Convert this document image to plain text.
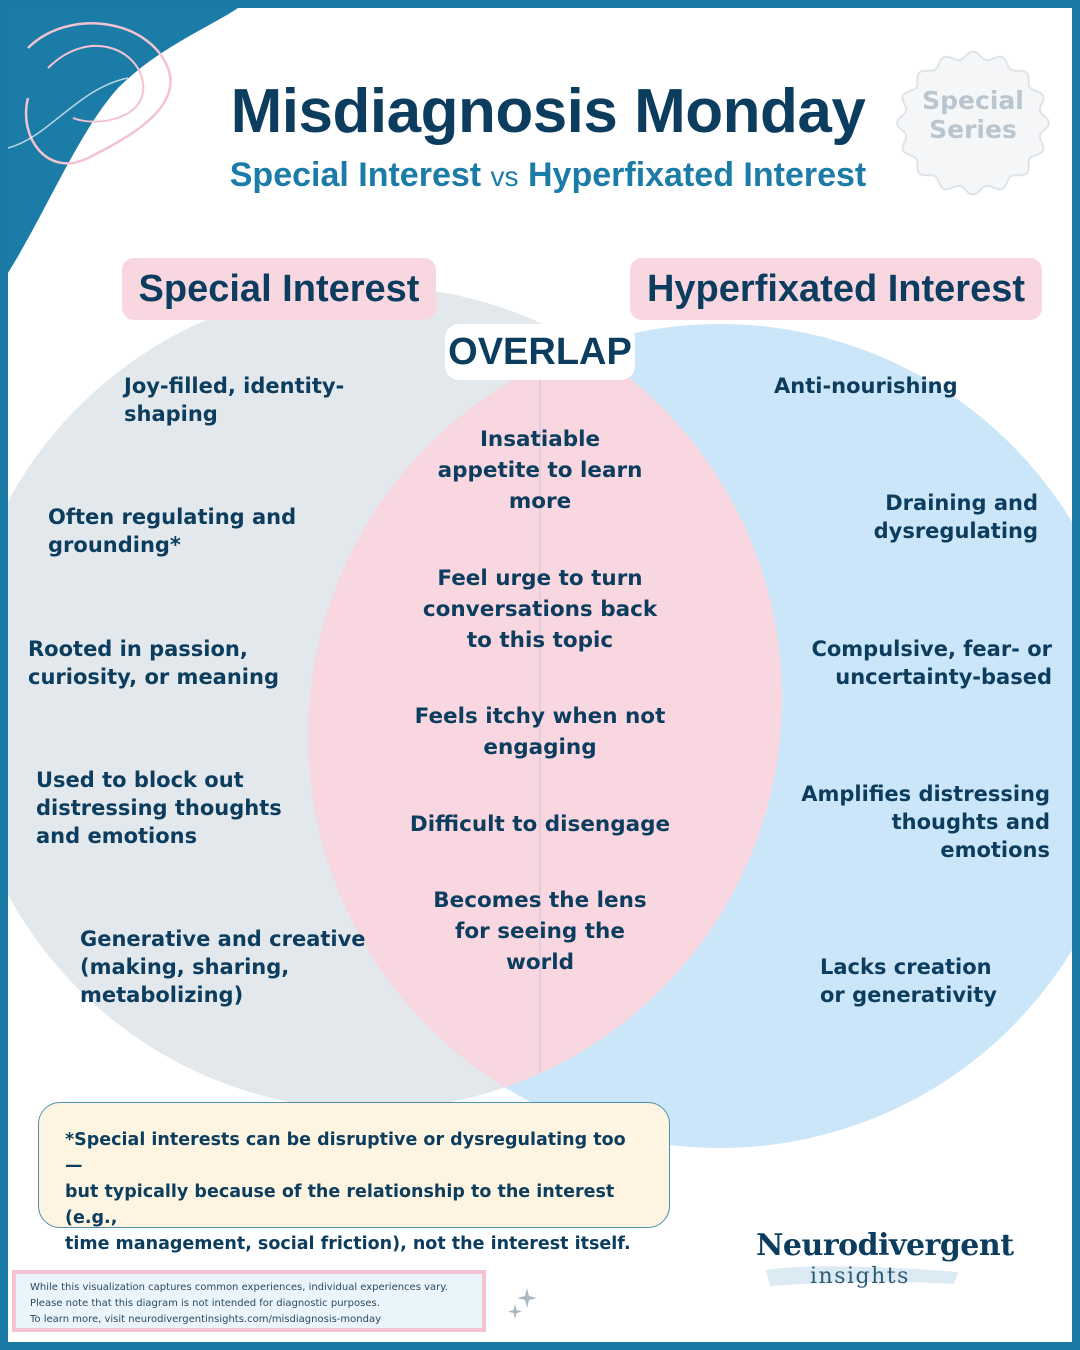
Misdiagnosis Monday
Special Interest vs Hyperfixated Interest
Special
Series
Special Interest	Hyperfixated Interest
OVERLAP
Joy-filled, identity-
shaping
Often regulating and
grounding*
Rooted in passion,
curiosity, or meaning
Used to block out
distressing thoughts
and emotions
Generative and creative
(making, sharing,
metabolizing)
Insatiable
appetite to learn
more
Feel urge to turn
conversations back
to this topic
Feels itchy when not
engaging
Difficult to disengage
Becomes the lens
for seeing the
world
Anti-nourishing
Draining and
dysregulating
Compulsive, fear- or
uncertainty-based
Amplifies distressing
thoughts and
emotions
Lacks creation
or generativity
*Special interests can be disruptive or dysregulating too —
but typically because of the relationship to the interest (e.g.,
time management, social friction), not the interest itself.
While this visualization captures common experiences, individual experiences vary.
Please note that this diagram is not intended for diagnostic purposes.
To learn more, visit neurodivergentinsights.com/misdiagnosis-monday
Neurodivergent
insights
